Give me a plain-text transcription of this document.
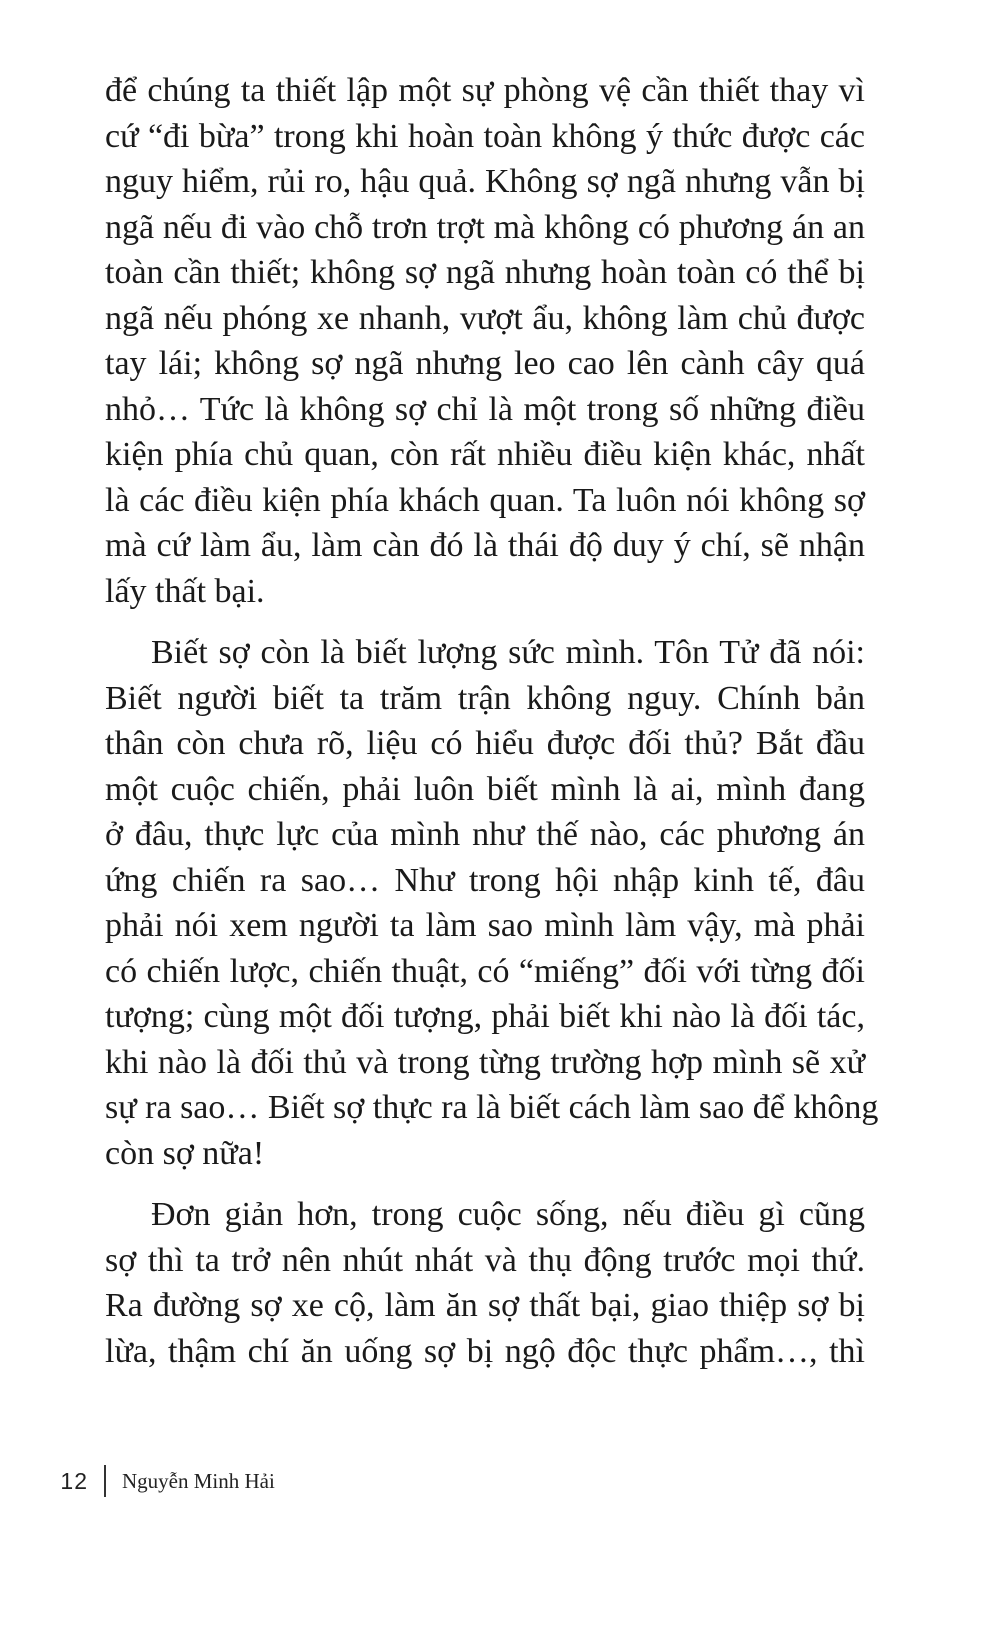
để chúng ta thiết lập một sự phòng vệ cần thiết thay vì
cứ “đi bừa” trong khi hoàn toàn không ý thức được các
nguy hiểm, rủi ro, hậu quả. Không sợ ngã nhưng vẫn bị
ngã nếu đi vào chỗ trơn trợt mà không có phương án an
toàn cần thiết; không sợ ngã nhưng hoàn toàn có thể bị
ngã nếu phóng xe nhanh, vượt ẩu, không làm chủ được
tay lái; không sợ ngã nhưng leo cao lên cành cây quá
nhỏ… Tức là không sợ chỉ là một trong số những điều
kiện phía chủ quan, còn rất nhiều điều kiện khác, nhất
là các điều kiện phía khách quan. Ta luôn nói không sợ
mà cứ làm ẩu, làm càn đó là thái độ duy ý chí, sẽ nhận
lấy thất bại.

Biết sợ còn là biết lượng sức mình. Tôn Tử đã nói:
Biết người biết ta trăm trận không nguy. Chính bản
thân còn chưa rõ, liệu có hiểu được đối thủ? Bắt đầu
một cuộc chiến, phải luôn biết mình là ai, mình đang
ở đâu, thực lực của mình như thế nào, các phương án
ứng chiến ra sao… Như trong hội nhập kinh tế, đâu
phải nói xem người ta làm sao mình làm vậy, mà phải
có chiến lược, chiến thuật, có “miếng” đối với từng đối
tượng; cùng một đối tượng, phải biết khi nào là đối tác,
khi nào là đối thủ và trong từng trường hợp mình sẽ xử
sự ra sao… Biết sợ thực ra là biết cách làm sao để không
còn sợ nữa!

Đơn giản hơn, trong cuộc sống, nếu điều gì cũng
sợ thì ta trở nên nhút nhát và thụ động trước mọi thứ.
Ra đường sợ xe cộ, làm ăn sợ thất bại, giao thiệp sợ bị
lừa, thậm chí ăn uống sợ bị ngộ độc thực phẩm…, thì

12 Nguyễn Minh Hải
